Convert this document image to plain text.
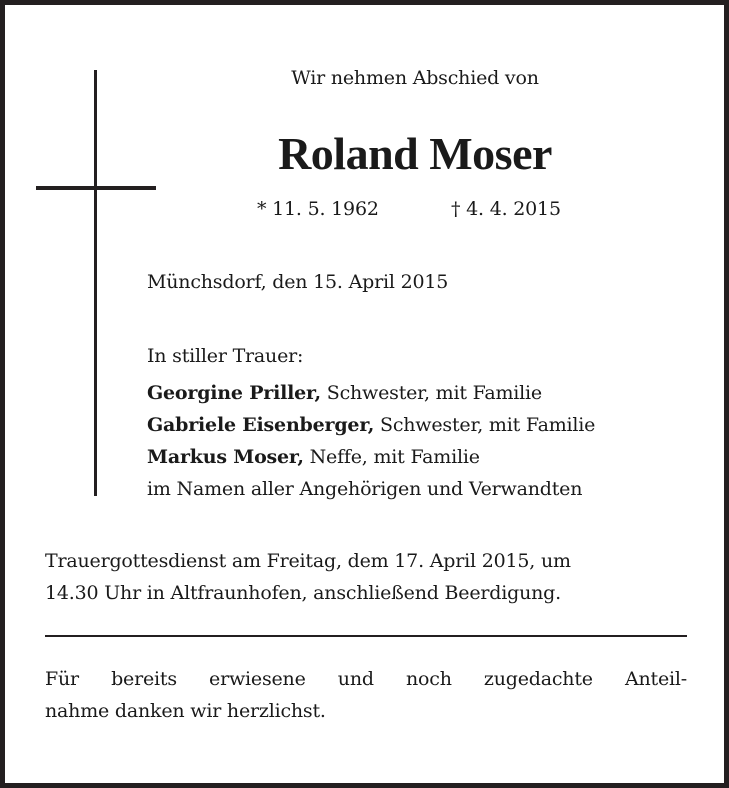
Wir nehmen Abschied von
Roland Moser
* 11. 5. 1962	† 4. 4. 2015
Münchsdorf, den 15. April 2015
In stiller Trauer:
Georgine Priller, Schwester, mit Familie
Gabriele Eisenberger, Schwester, mit Familie
Markus Moser, Neffe, mit Familie
im Namen aller Angehörigen und Verwandten
Trauergottesdienst am Freitag, dem 17. April 2015, um
14.30 Uhr in Altfraunhofen, anschließend Beerdigung.
Für bereits erwiesene und noch zugedachte Anteil-
nahme danken wir herzlichst.
